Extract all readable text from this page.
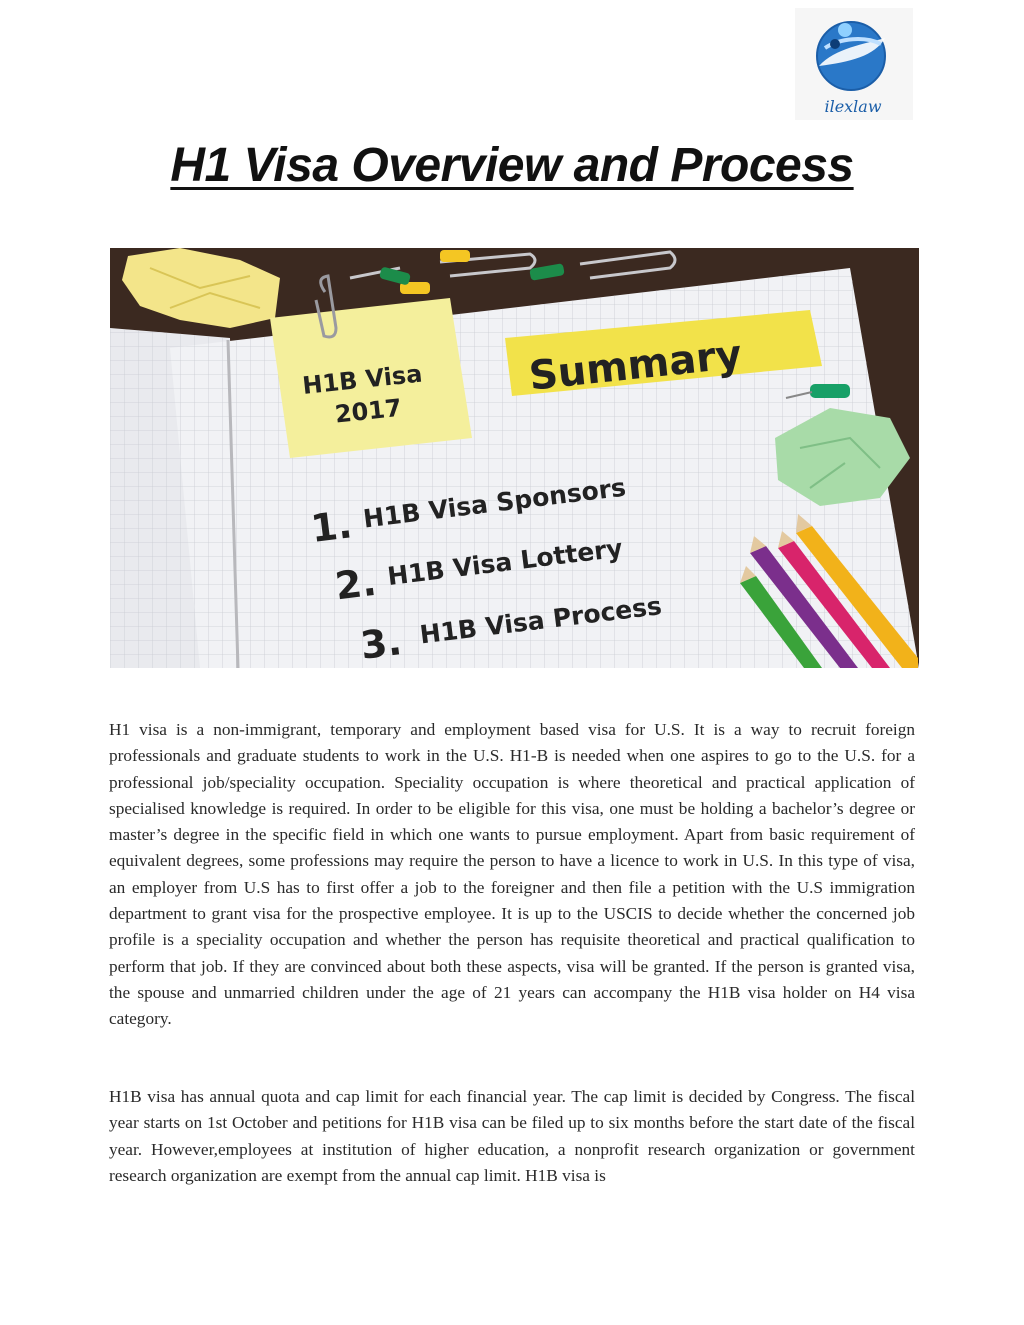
ilexlaw
H1 Visa Overview and Process
H1B Visa
2017
Summary
1. H1B Visa Sponsors
2. H1B Visa Lottery
3. H1B Visa Process

H1 visa is a non-immigrant, temporary and employment based visa for U.S. It is a way to recruit foreign professionals and graduate students to work in the U.S. H1-B is needed when one aspires to go to the U.S. for a professional job/speciality occupation. Speciality occupation is where theoretical and practical application of specialised knowledge is required. In order to be eligible for this visa, one must be holding a bachelor’s degree or master’s degree in the specific field in which one wants to pursue employment. Apart from basic requirement of equivalent degrees, some professions may require the person to have a licence to work in U.S. In this type of visa, an employer from U.S has to first offer a job to the foreigner and then file a petition with the U.S immigration department to grant visa for the prospective employee. It is up to the USCIS to decide whether the concerned job profile is a speciality occupation and whether the person has requisite theoretical and practical qualification to perform that job. If they are convinced about both these aspects, visa will be granted. If the person is granted visa, the spouse and unmarried children under the age of 21 years can accompany the H1B visa holder on H4 visa category.

H1B visa has annual quota and cap limit for each financial year. The cap limit is decided by Congress. The fiscal year starts on 1st October and petitions for H1B visa can be filed up to six months before the start date of the fiscal year. However,employees at institution of higher education, a nonprofit research organization or government research organization are exempt from the annual cap limit. H1B visa is
